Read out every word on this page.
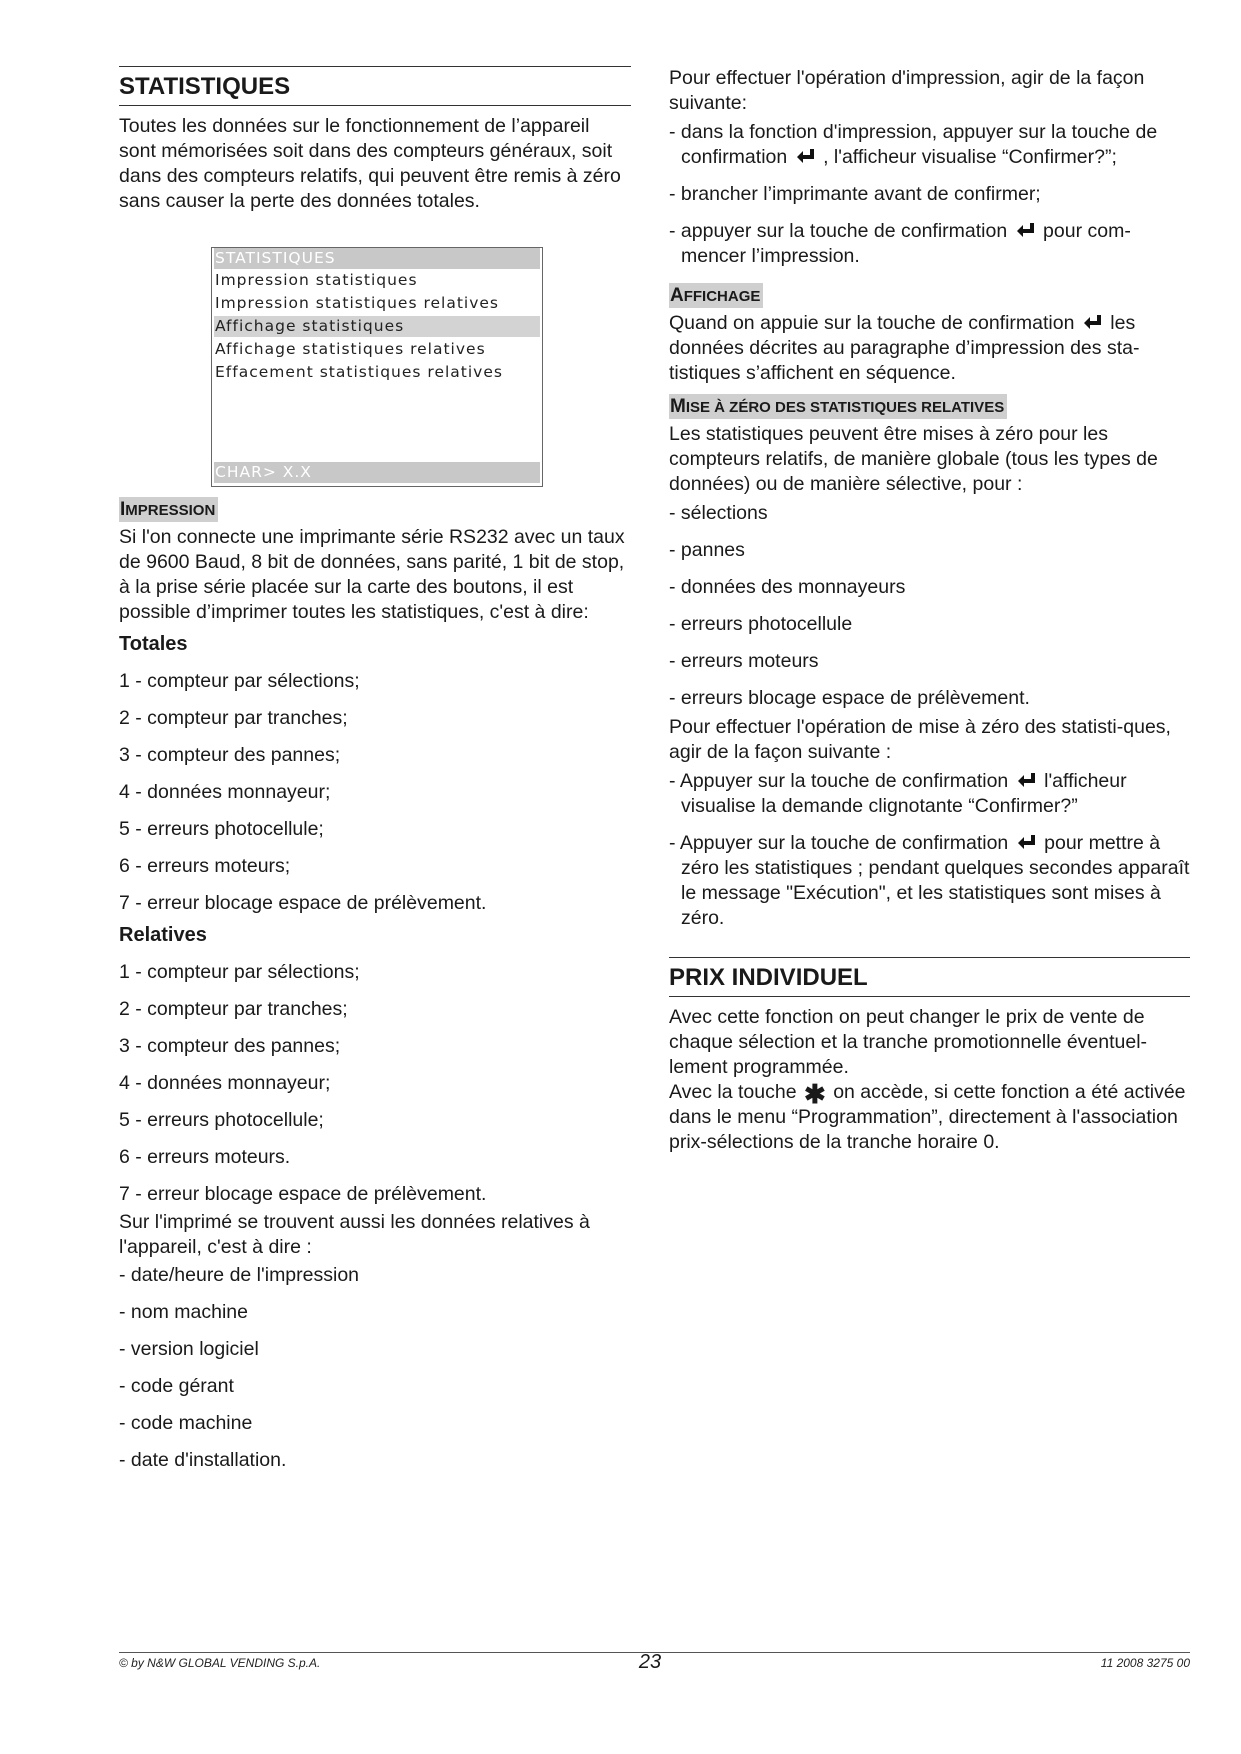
STATISTIQUES

Toutes les données sur le fonctionnement de l’appareil sont mémorisées soit dans des compteurs généraux, soit dans des compteurs relatifs, qui peuvent être remis à zéro sans causer la perte des données totales.

STATISTIQUES
Impression statistiques
Impression statistiques relatives
Affichage statistiques
Affichage statistiques relatives
Effacement statistiques relatives
CHAR> X.X
IMPRESSION

Si l'on connecte une imprimante série RS232 avec un taux de 9600 Baud, 8 bit de données, sans parité, 1 bit de stop, à la prise série placée sur la carte des boutons, il est possible d’imprimer toutes les statistiques, c'est à dire:

Totales
1 - compteur par sélections;
2 - compteur par tranches;
3 - compteur des pannes;
4 - données monnayeur;
5 - erreurs photocellule;
6 - erreurs moteurs;
7 - erreur blocage espace de prélèvement.
Relatives
1 - compteur par sélections;
2 - compteur par tranches;
3 - compteur des pannes;
4 - données monnayeur;
5 - erreurs photocellule;
6 - erreurs moteurs.
7 - erreur blocage espace de prélèvement.

Sur l'imprimé se trouvent aussi les données relatives à l'appareil, c'est à dire :

- date/heure de l'impression
- nom machine
- version logiciel
- code gérant
- code machine
- date d'installation.

Pour effectuer l'opération d'impression, agir de la façon suivante:

- dans la fonction d'impression, appuyer sur la touche de confirmation , l'afficheur visualise “Confirmer?”;
- brancher l’imprimante avant de confirmer;
- appuyer sur la touche de confirmation pour com-mencer l’impression.
AFFICHAGE

Quand on appuie sur la touche de confirmation les données décrites au paragraphe d’impression des sta-tistiques s’affichent en séquence.

MISE À ZÉRO DES STATISTIQUES RELATIVES

Les statistiques peuvent être mises à zéro pour les compteurs relatifs, de manière globale (tous les types de données) ou de manière sélective, pour :

- sélections
- pannes
- données des monnayeurs
- erreurs photocellule
- erreurs moteurs
- erreurs blocage espace de prélèvement.

Pour effectuer l'opération de mise à zéro des statisti-ques, agir de la façon suivante :

- Appuyer sur la touche de confirmation l'afficheur visualise la demande clignotante “Confirmer?”
- Appuyer sur la touche de confirmation pour mettre à zéro les statistiques ; pendant quelques secondes apparaît le message "Exécution", et les statistiques sont mises à zéro.
PRIX INDIVIDUEL

Avec cette fonction on peut changer le prix de vente de chaque sélection et la tranche promotionnelle éventuel-lement programmée.

Avec la touche ✱ on accède, si cette fonction a été activée dans le menu “Programmation”, directement à l'association prix-sélections de la tranche horaire 0.

© by N&W GLOBAL VENDING S.p.A.	23	11 2008 3275 00
